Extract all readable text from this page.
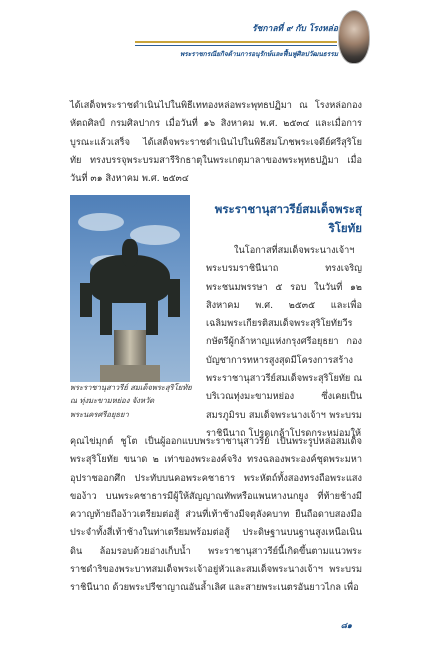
รัชกาลที่ ๙ กับ โรงหล่อ
พระราชกรณียกิจด้านการอนุรักษ์และฟื้นฟูศิลปวัฒนธรรม
ได้เสด็จพระราชดำเนินไปในพิธีเททองหล่อพระพุทธปฏิมา ณ โรงหล่อกองหัตถศิลป์ กรมศิลปากร เมื่อวันที่ ๑๖ สิงหาคม พ.ศ. ๒๕๓๔ และเมื่อการบูรณะแล้วเสร็จ ได้เสด็จพระราชดำเนินไปในพิธีสมโภชพระเจดีย์ศรีสุริโยทัย ทรงบรรจุพระบรมสารีริกธาตุในพระเกตุมาลาของพระพุทธปฏิมา เมื่อวันที่ ๓๑ สิงหาคม พ.ศ. ๒๕๓๔
พระราชานุสาวรีย์ สมเด็จพระสุริโยทัย ณ ทุ่งมะขามหย่อง จังหวัดพระนครศรีอยุธยา
พระราชานุสาวรีย์สมเด็จพระสุริโยทัย
ในโอกาสที่สมเด็จพระนางเจ้าฯ พระบรมราชินีนาถ ทรงเจริญพระชนมพรรษา ๕ รอบ ในวันที่ ๑๒ สิงหาคม พ.ศ. ๒๕๓๕ และเพื่อเฉลิมพระเกียรติสมเด็จพระสุริโยทัยวีรกษัตรีผู้กล้าหาญแห่งกรุงศรีอยุธยา กองบัญชาการทหารสูงสุดมีโครงการสร้างพระราชานุสาวรีย์สมเด็จพระสุริโยทัย ณ บริเวณทุ่งมะขามหย่อง ซึ่งเคยเป็นสมรภูมิรบ สมเด็จพระนางเจ้าฯ พระบรมราชินีนาถ โปรดเกล้าโปรดกระหม่อมให้
คุณไข่มุกต์ ชูโต เป็นผู้ออกแบบพระราชานุสาวรีย์ เป็นพระรูปหล่อสมเด็จพระสุริโยทัย ขนาด ๒ เท่าของพระองค์จริง ทรงฉลองพระองค์ชุดพระมหาอุปราชออกศึก ประทับบนคอพระคชาธาร พระหัตถ์ทั้งสองทรงถือพระแสงของ้าว บนพระคชาธารมีผู้ให้สัญญาณทัพหรือแพนหางนกยูง ที่ท้ายช้างมีควาญท้ายถือง้าวเตรียมต่อสู้ ส่วนที่เท้าช้างมีจตุลังคบาท ยืนถือดาบสองมือประจำทั้งสี่เท้าช้างในท่าเตรียมพร้อมต่อสู้ ประดิษฐานบนฐานสูงเหนือเนินดิน ล้อมรอบด้วยอ่างเก็บน้ำ พระราชานุสาวรีย์นี้เกิดขึ้นตามแนวพระราชดำริของพระบาทสมเด็จพระเจ้าอยู่หัวและสมเด็จพระนางเจ้าฯ พระบรมราชินีนาถ ด้วยพระปรีชาญาณอันล้ำเลิศ และสายพระเนตรอันยาวไกล เพื่อ
๘๑
